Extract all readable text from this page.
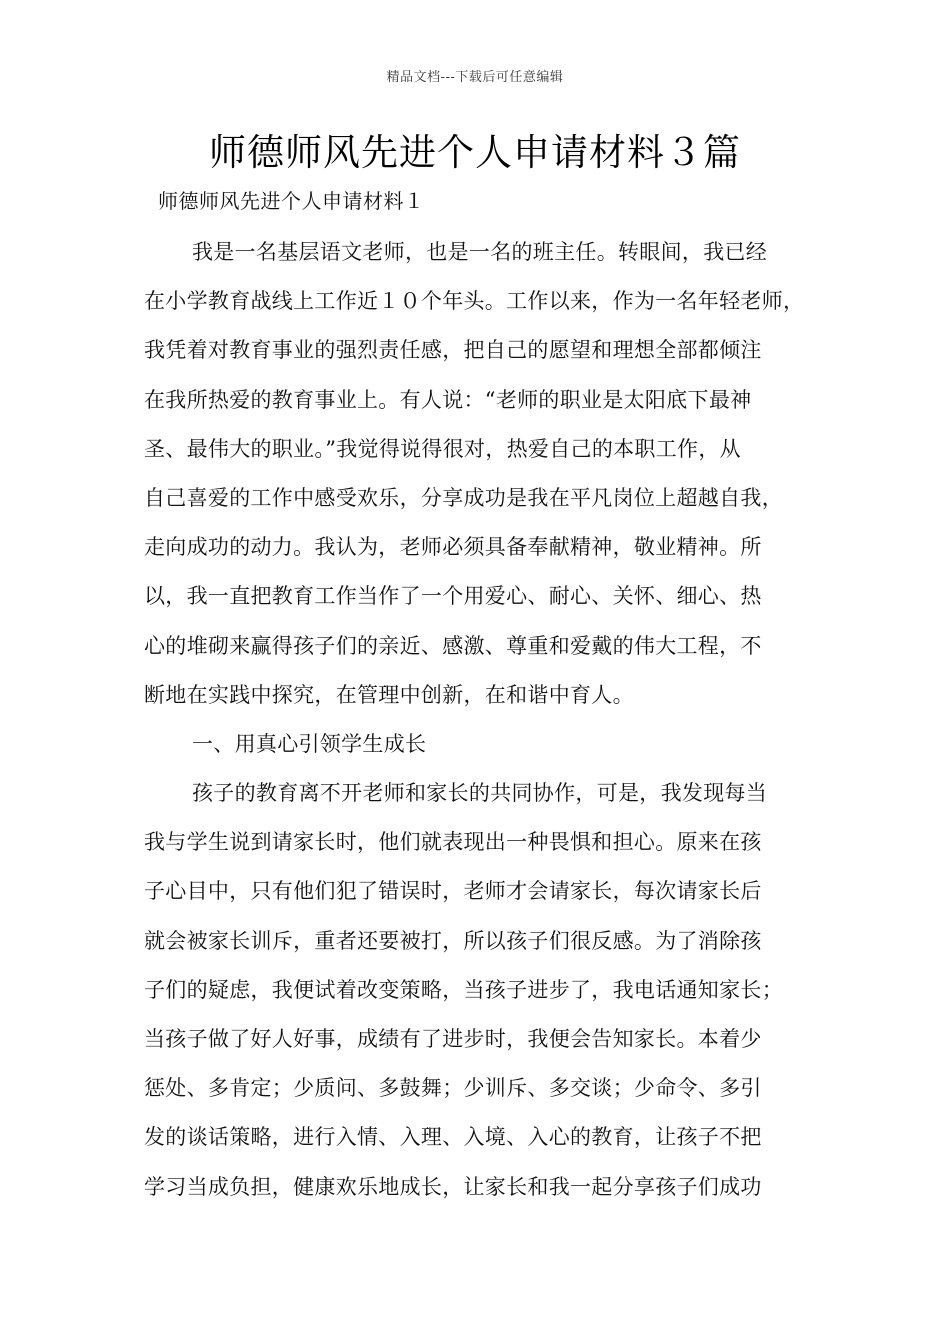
精品文档---下载后可任意编辑
师德师风先进个人申请材料３篇
师德师风先进个人申请材料１
我是一名基层语文老师，也是一名的班主任。转眼间，我已经
在小学教育战线上工作近１０个年头。工作以来，作为一名年轻老师，
我凭着对教育事业的强烈责任感，把自己的愿望和理想全部都倾注
在我所热爱的教育事业上。有人说：“老师的职业是太阳底下最神
圣、最伟大的职业。”我觉得说得很对，热爱自己的本职工作，从
自己喜爱的工作中感受欢乐，分享成功是我在平凡岗位上超越自我，
走向成功的动力。我认为，老师必须具备奉献精神，敬业精神。所
以，我一直把教育工作当作了一个用爱心、耐心、关怀、细心、热
心的堆砌来赢得孩子们的亲近、感激、尊重和爱戴的伟大工程，不
断地在实践中探究，在管理中创新，在和谐中育人。
一、用真心引领学生成长
孩子的教育离不开老师和家长的共同协作，可是，我发现每当
我与学生说到请家长时，他们就表现出一种畏惧和担心。原来在孩
子心目中，只有他们犯了错误时，老师才会请家长，每次请家长后
就会被家长训斥，重者还要被打，所以孩子们很反感。为了消除孩
子们的疑虑，我便试着改变策略，当孩子进步了，我电话通知家长；
当孩子做了好人好事，成绩有了进步时，我便会告知家长。本着少
惩处、多肯定；少质问、多鼓舞；少训斥、多交谈；少命令、多引
发的谈话策略，进行入情、入理、入境、入心的教育，让孩子不把
学习当成负担，健康欢乐地成长，让家长和我一起分享孩子们成功
